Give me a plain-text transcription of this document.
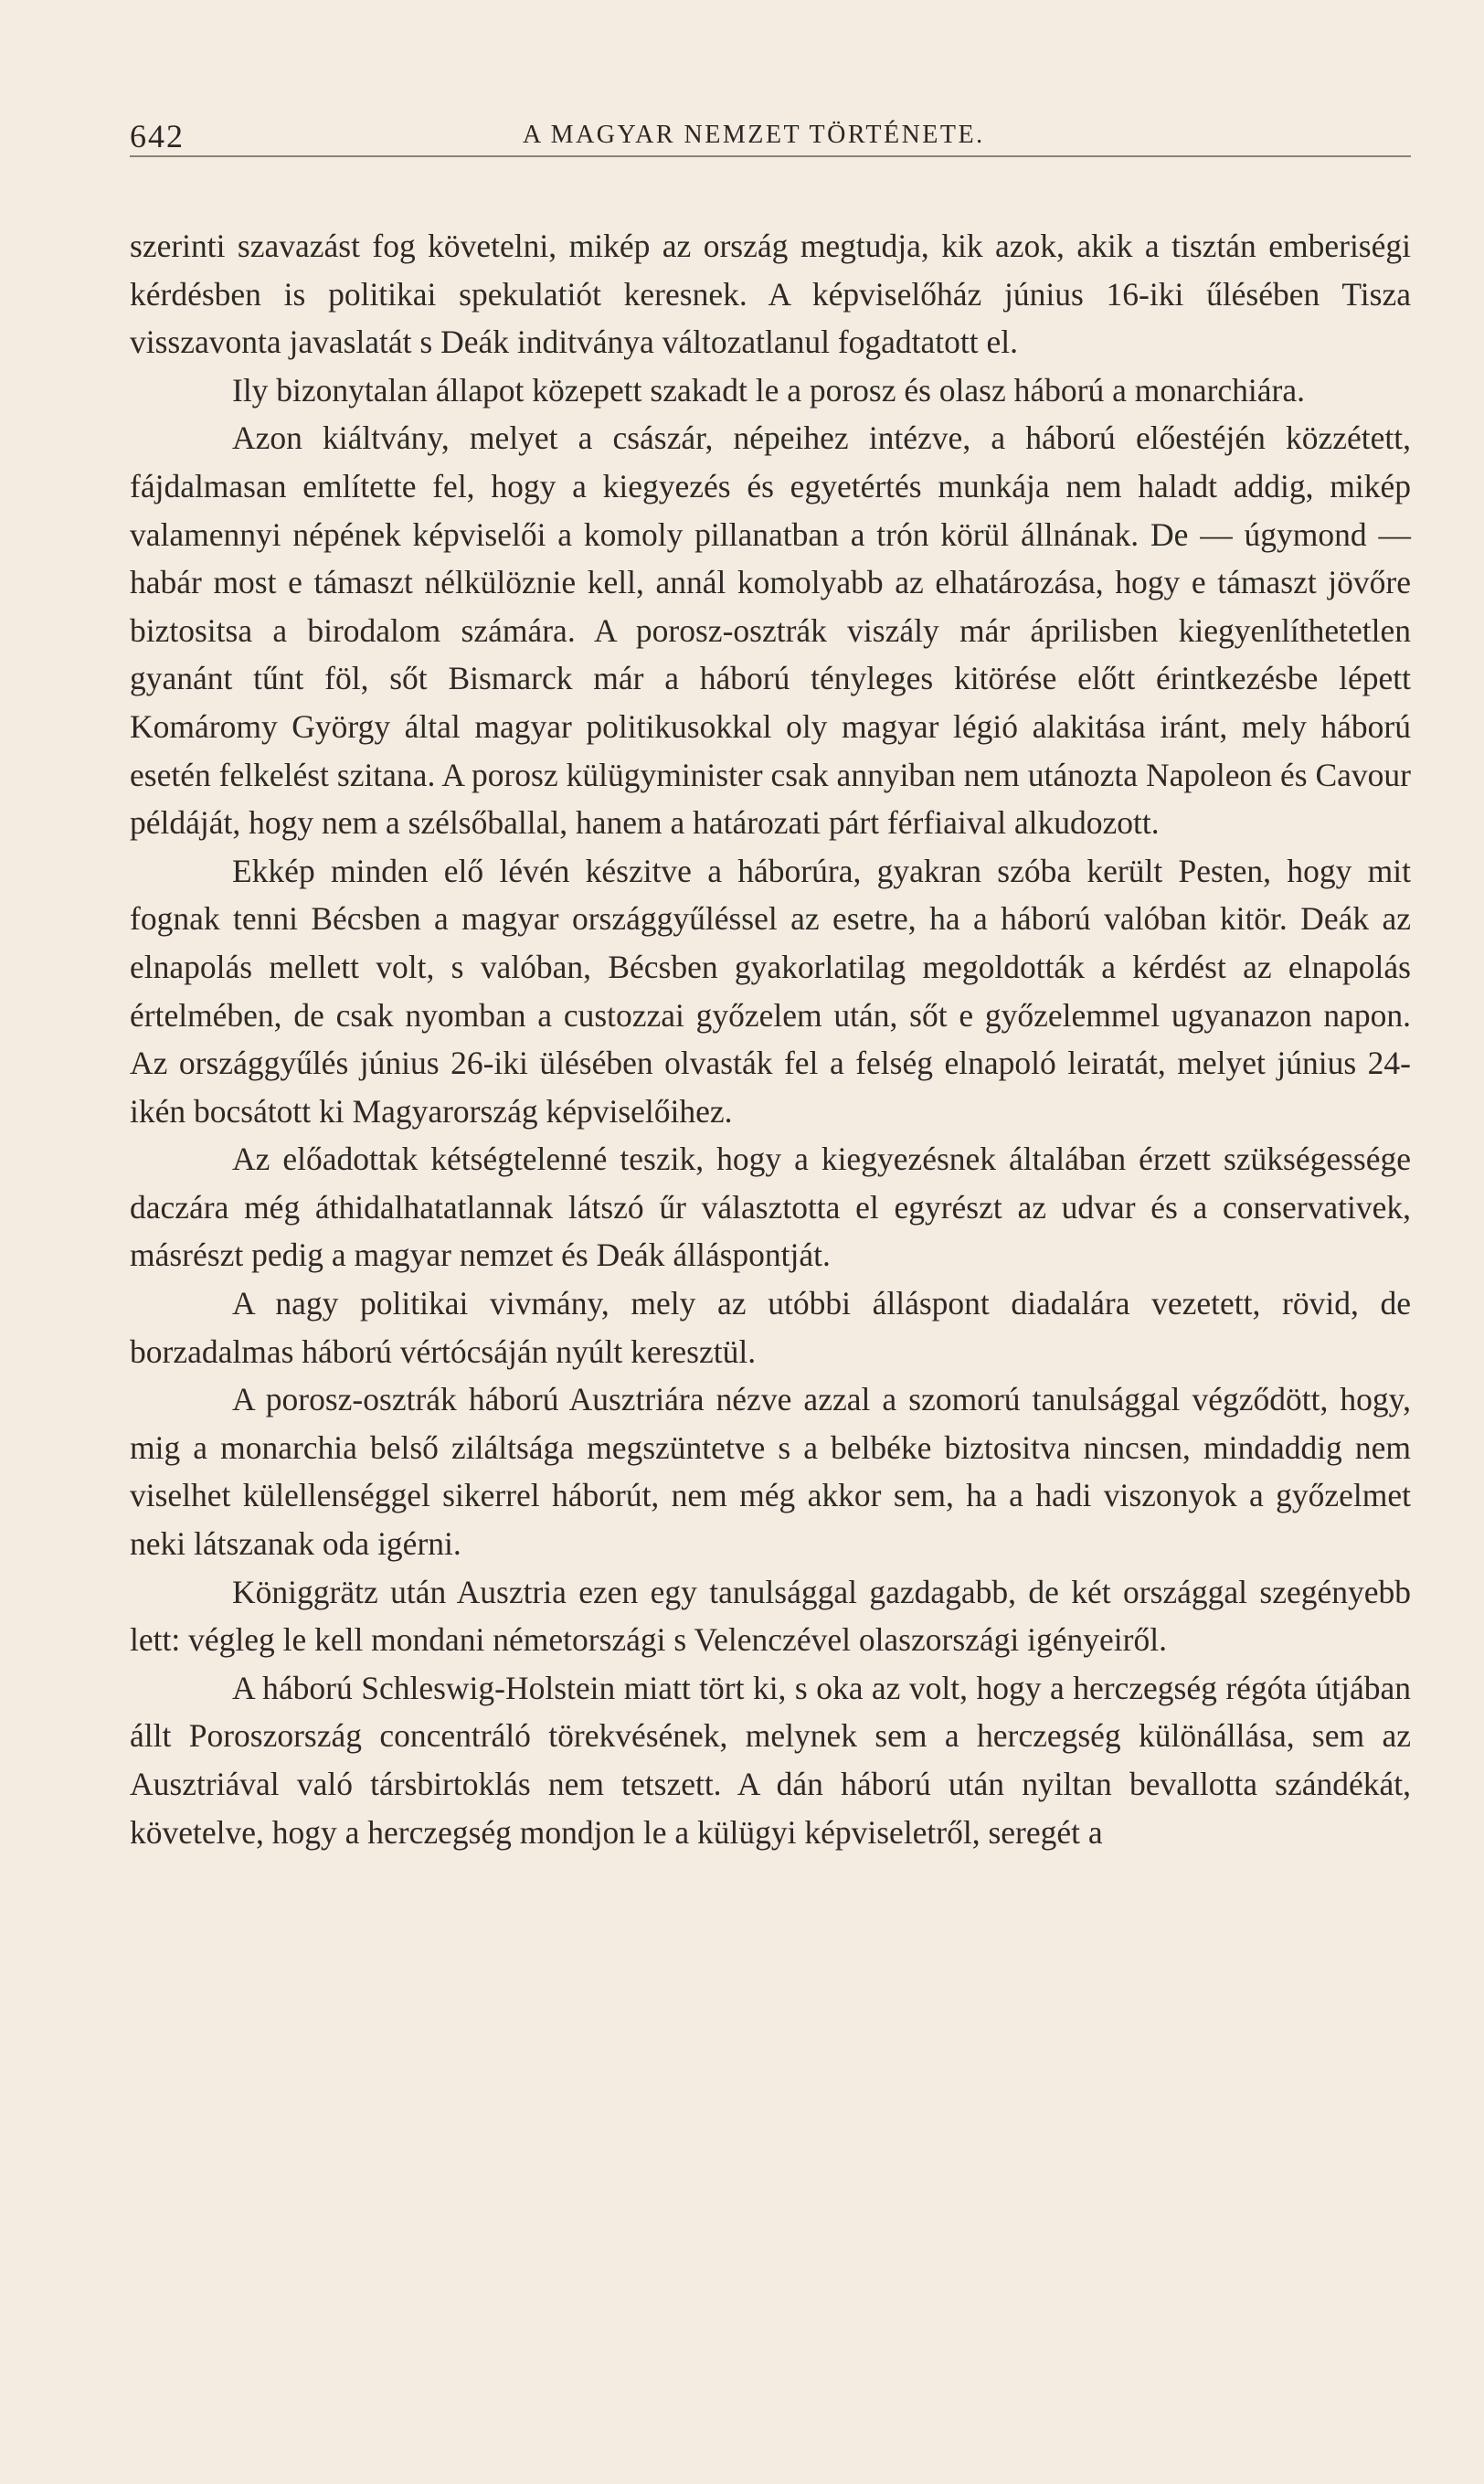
642	A MAGYAR NEMZET TÖRTÉNETE.

szerinti szavazást fog követelni, mikép az ország megtudja, kik azok, akik a tisztán emberiségi kérdésben is politikai spekulatiót keresnek. A képviselőház június 16-iki űlésében Tisza visszavonta javaslatát s Deák inditványa változatlanul fogadtatott el.

Ily bizonytalan állapot közepett szakadt le a porosz és olasz háború a monarchiára.

Azon kiáltvány, melyet a császár, népeihez intézve, a háború előestéjén közzétett, fájdalmasan említette fel, hogy a kiegyezés és egyetértés munkája nem haladt addig, mikép valamennyi népének képviselői a komoly pillanatban a trón körül állnának. De — úgymond — habár most e támaszt nélkülöznie kell, annál komolyabb az elhatározása, hogy e támaszt jövőre biztositsa a birodalom számára. A porosz-osztrák viszály már áprilisben kiegyenlíthetetlen gyanánt tűnt föl, sőt Bismarck már a háború tényleges kitörése előtt érintkezésbe lépett Komáromy György által magyar politikusokkal oly magyar légió alakitása iránt, mely háború esetén felkelést szitana. A porosz külügyminister csak annyiban nem utánozta Napoleon és Cavour példáját, hogy nem a szélsőballal, hanem a határozati párt férfiaival alkudozott.

Ekkép minden elő lévén készitve a háborúra, gyakran szóba került Pesten, hogy mit fognak tenni Bécsben a magyar országgyűléssel az esetre, ha a háború valóban kitör. Deák az elnapolás mellett volt, s valóban, Bécsben gyakorlatilag megoldották a kérdést az elnapolás értelmében, de csak nyomban a custozzai győzelem után, sőt e győzelemmel ugyanazon napon. Az országgyűlés június 26-iki ülésében olvasták fel a felség elnapoló leiratát, melyet június 24-ikén bocsátott ki Magyarország képviselőihez.

Az előadottak kétségtelenné teszik, hogy a kiegyezésnek általában érzett szükségessége daczára még áthidalhatatlannak látszó űr választotta el egyrészt az udvar és a conservativek, másrészt pedig a magyar nemzet és Deák álláspontját.

A nagy politikai vivmány, mely az utóbbi álláspont diadalára vezetett, rövid, de borzadalmas háború vértócsáján nyúlt keresztül.

A porosz-osztrák háború Ausztriára nézve azzal a szomorú tanulsággal végződött, hogy, mig a monarchia belső ziláltsága megszüntetve s a belbéke biztositva nincsen, mindaddig nem viselhet külellenséggel sikerrel háborút, nem még akkor sem, ha a hadi viszonyok a győzelmet neki látszanak oda igérni.

Königgrätz után Ausztria ezen egy tanulsággal gazdagabb, de két országgal szegényebb lett: végleg le kell mondani németországi s Velenczével olaszországi igényeiről.

A háború Schleswig-Holstein miatt tört ki, s oka az volt, hogy a herczegség régóta útjában állt Poroszország concentráló törekvésének, melynek sem a herczegség különállása, sem az Ausztriával való társbirtoklás nem tetszett. A dán háború után nyiltan bevallotta szándékát, követelve, hogy a herczegség mondjon le a külügyi képviseletről, seregét a
